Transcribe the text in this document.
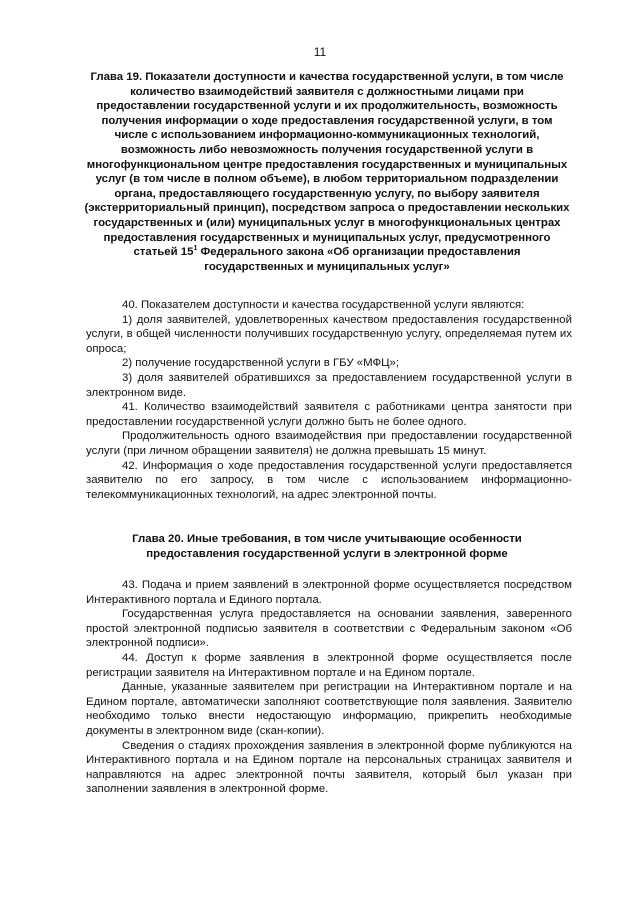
11
Глава 19. Показатели доступности и качества государственной услуги, в том числе количество взаимодействий заявителя с должностными лицами при предоставлении государственной услуги и их продолжительность, возможность получения информации о ходе предоставления государственной услуги, в том числе с использованием информационно-коммуникационных технологий, возможность либо невозможность получения государственной услуги в многофункциональном центре предоставления государственных и муниципальных услуг (в том числе в полном объеме), в любом территориальном подразделении органа, предоставляющего государственную услугу, по выбору заявителя (экстерриториальный принцип), посредством запроса о предоставлении нескольких государственных и (или) муниципальных услуг в многофункциональных центрах предоставления государственных и муниципальных услуг, предусмотренного статьей $15^1$ Федерального закона «Об организации предоставления государственных и муниципальных услуг»

40. Показателем доступности и качества государственной услуги являются:

1) доля заявителей, удовлетворенных качеством предоставления государственной услуги, в общей численности получивших государственную услугу, определяемая путем их опроса;

2) получение государственной услуги в ГБУ «МФЦ»;

3) доля заявителей обратившихся за предоставлением государственной услуги в электронном виде.

41. Количество взаимодействий заявителя с работниками центра занятости при предоставлении государственной услуги должно быть не более одного.

Продолжительность одного взаимодействия при предоставлении государственной услуги (при личном обращении заявителя) не должна превышать 15 минут.

42. Информация о ходе предоставления государственной услуги предоставляется заявителю по его запросу, в том числе с использованием информационно-телекоммуникационных технологий, на адрес электронной почты.

Глава 20. Иные требования, в том числе учитывающие особенности предоставления государственной услуги в электронной форме

43. Подача и прием заявлений в электронной форме осуществляется посредством Интерактивного портала и Единого портала.

Государственная услуга предоставляется на основании заявления, заверенного простой электронной подписью заявителя в соответствии с Федеральным законом «Об электронной подписи».

44. Доступ к форме заявления в электронной форме осуществляется после регистрации заявителя на Интерактивном портале и на Едином портале.

Данные, указанные заявителем при регистрации на Интерактивном портале и на Едином портале, автоматически заполняют соответствующие поля заявления. Заявителю необходимо только внести недостающую информацию, прикрепить необходимые документы в электронном виде (скан-копии).

Сведения о стадиях прохождения заявления в электронной форме публикуются на Интерактивного портала и на Едином портале на персональных страницах заявителя и направляются на адрес электронной почты заявителя, который был указан при заполнении заявления в электронной форме.
